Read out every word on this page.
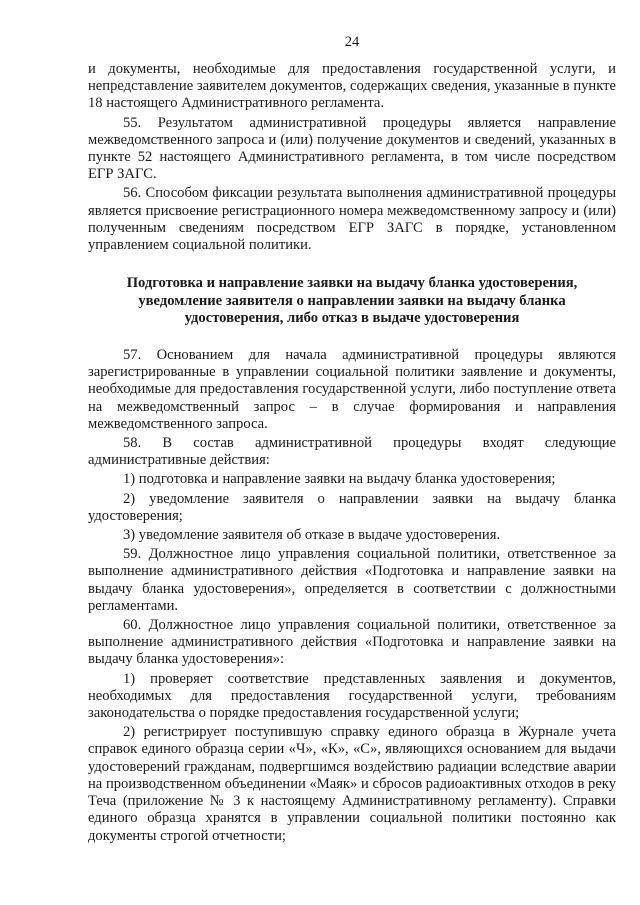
24

и документы, необходимые для предоставления государственной услуги, и непредставление заявителем документов, содержащих сведения, указанные в пункте 18 настоящего Административного регламента.

55. Результатом административной процедуры является направление межведомственного запроса и (или) получение документов и сведений, указанных в пункте 52 настоящего Административного регламента, в том числе посредством ЕГР ЗАГС.

56. Способом фиксации результата выполнения административной процедуры является присвоение регистрационного номера межведомственному запросу и (или) полученным сведениям посредством ЕГР ЗАГС в порядке, установленном управлением социальной политики.

Подготовка и направление заявки на выдачу бланка удостоверения,
уведомление заявителя о направлении заявки на выдачу бланка
удостоверения, либо отказ в выдаче удостоверения

57. Основанием для начала административной процедуры являются зарегистрированные в управлении социальной политики заявление и документы, необходимые для предоставления государственной услуги, либо поступление ответа на межведомственный запрос – в случае формирования и направления межведомственного запроса.

58. В состав административной процедуры входят следующие административные действия:

1) подготовка и направление заявки на выдачу бланка удостоверения;

2) уведомление заявителя о направлении заявки на выдачу бланка удостоверения;

3) уведомление заявителя об отказе в выдаче удостоверения.

59. Должностное лицо управления социальной политики, ответственное за выполнение административного действия «Подготовка и направление заявки на выдачу бланка удостоверения», определяется в соответствии с должностными регламентами.

60. Должностное лицо управления социальной политики, ответственное за выполнение административного действия «Подготовка и направление заявки на выдачу бланка удостоверения»:

1) проверяет соответствие представленных заявления и документов, необходимых для предоставления государственной услуги, требованиям законодательства о порядке предоставления государственной услуги;

2) регистрирует поступившую справку единого образца в Журнале учета справок единого образца серии «Ч», «К», «С», являющихся основанием для выдачи удостоверений гражданам, подвергшимся воздействию радиации вследствие аварии на производственном объединении «Маяк» и сбросов радиоактивных отходов в реку Теча (приложение № 3 к настоящему Административному регламенту). Справки единого образца хранятся в управлении социальной политики постоянно как документы строгой отчетности;
